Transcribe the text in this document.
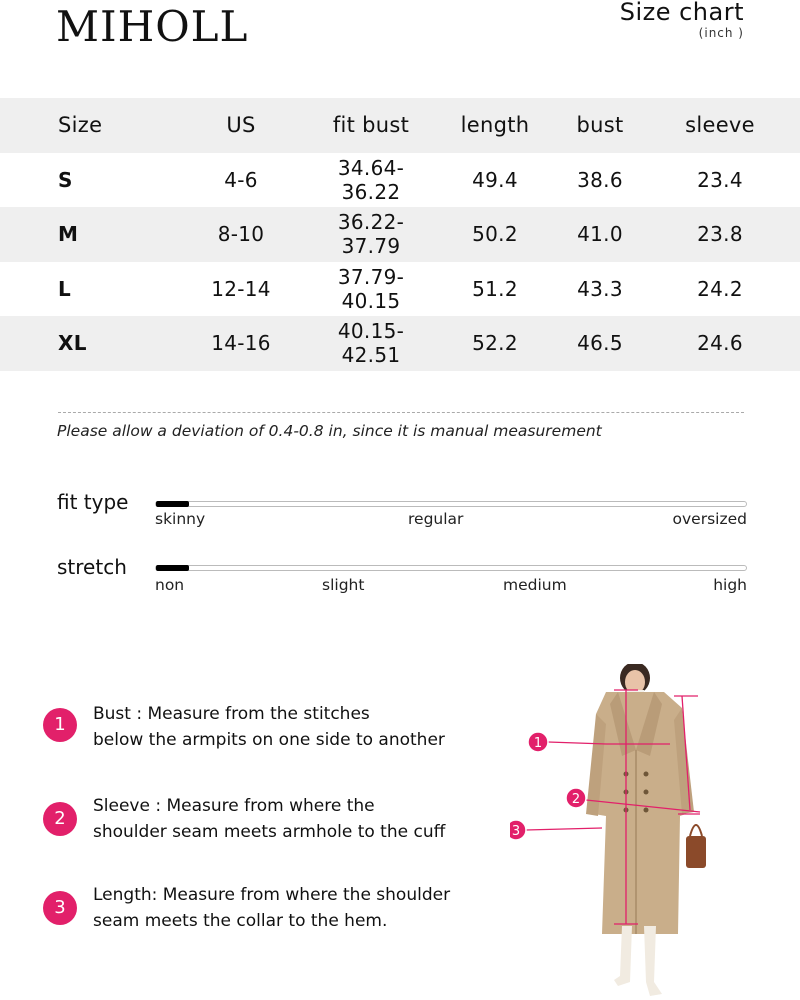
MIHOLL	Size chart
(inch )
Size	US	fit bust	length	bust	sleeve
S	4-6	34.64-36.22	49.4	38.6	23.4
M	8-10	36.22-37.79	50.2	41.0	23.8
L	12-14	37.79-40.15	51.2	43.3	24.2
XL	14-16	40.15-42.51	52.2	46.5	24.6
Please allow a deviation of 0.4-0.8 in, since it is manual measurement
fit type
skinny	regular	oversized
stretch
non	slight	medium	high
1	Bust : Measure from the stitches
below the armpits on one side to another
2
Sleeve : Measure from where the
shoulder seam meets armhole to the cuff
3
Length: Measure from where the shoulder
seam meets the collar to the hem.
1
2
3
